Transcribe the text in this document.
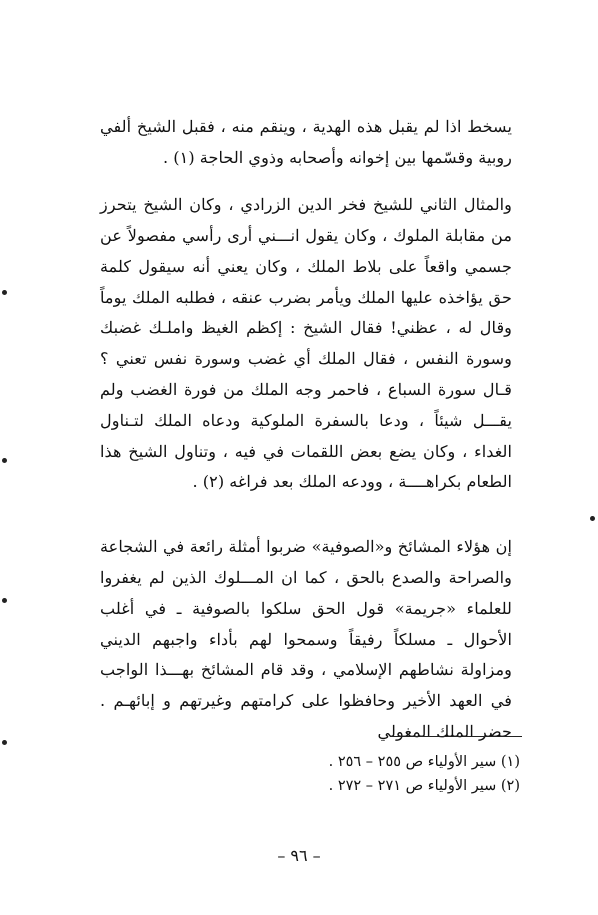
يسخط اذا لم يقبل هذه الهدية ، وينقم منه ، فقبل الشيخ ألفي روبية وقسّمها بين إخوانه وأصحابه وذوي الحاجة (١) .

والمثال الثاني للشيخ فخر الدين الزرادي ، وكان الشيخ يتحرز من مقابلة الملوك ، وكان يقول انـــني أرى رأسي مفصولاً عن جسمي واقعاً على بلاط الملك ، وكان يعني أنه سيقول كلمة حق يؤاخذه عليها الملك ويأمر بضرب عنقه ، فطلبه الملك يوماً وقال له ، عظني! فقال الشيخ : إكظم الغيظ واملـك غضبك وسورة النفس ، فقال الملك أي غضب وسورة نفس تعني ؟ قـال سورة السباع ، فاحمر وجه الملك من فورة الغضب ولم يقـــل شيئاً ، ودعا بالسفرة الملوكية ودعاه الملك لتـناول الغداء ، وكان يضع بعض اللقمات في فيه ، وتناول الشيخ هذا الطعام بكراهــــة ، وودعه الملك بعد فراغه (٢) .

إن هؤلاء المشائخ و«الصوفية» ضربوا أمثلة رائعة في الشجاعة والصراحة والصدع بالحق ، كما ان المـــلوك الذين لم يغفروا للعلماء «جريمة» قول الحق سلكوا بالصوفية ـ في أغلب الأحوال ـ مسلكاً رفيقاً وسمحوا لهم بأداء واجبهم الديني ومزاولة نشاطهم الإسلامي ، وقد قام المشائخ بهـــذا الواجب في العهد الأخير وحافظوا على كرامتهم وغيرتهم و إبائهـم . حضر الملك المغولي

(١) سير الأولياء ص ٢٥٥ – ٢٥٦ .
(٢) سير الأولياء ص ٢٧١ – ٢٧٢ .
– ٩٦ –
